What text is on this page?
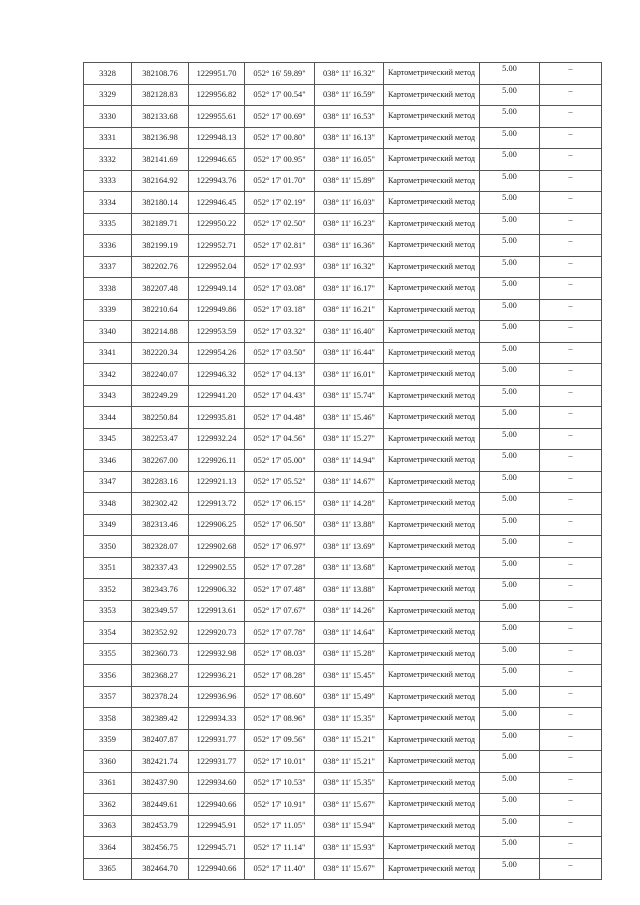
3328	382108.76	1229951.70	052° 16' 59.89"	038° 11' 16.32"	Картометрический метод	5.00	–
3329	382128.83	1229956.82	052° 17' 00.54"	038° 11' 16.59"	Картометрический метод	5.00	–
3330	382133.68	1229955.61	052° 17' 00.69"	038° 11' 16.53"	Картометрический метод	5.00	–
3331	382136.98	1229948.13	052° 17' 00.80"	038° 11' 16.13"	Картометрический метод	5.00	–
3332	382141.69	1229946.65	052° 17' 00.95"	038° 11' 16.05"	Картометрический метод	5.00	–
3333	382164.92	1229943.76	052° 17' 01.70"	038° 11' 15.89"	Картометрический метод	5.00	–
3334	382180.14	1229946.45	052° 17' 02.19"	038° 11' 16.03"	Картометрический метод	5.00	–
3335	382189.71	1229950.22	052° 17' 02.50"	038° 11' 16.23"	Картометрический метод	5.00	–
3336	382199.19	1229952.71	052° 17' 02.81"	038° 11' 16.36"	Картометрический метод	5.00	–
3337	382202.76	1229952.04	052° 17' 02.93"	038° 11' 16.32"	Картометрический метод	5.00	–
3338	382207.48	1229949.14	052° 17' 03.08"	038° 11' 16.17"	Картометрический метод	5.00	–
3339	382210.64	1229949.86	052° 17' 03.18"	038° 11' 16.21"	Картометрический метод	5.00	–
3340	382214.88	1229953.59	052° 17' 03.32"	038° 11' 16.40"	Картометрический метод	5.00	–
3341	382220.34	1229954.26	052° 17' 03.50"	038° 11' 16.44"	Картометрический метод	5.00	–
3342	382240.07	1229946.32	052° 17' 04.13"	038° 11' 16.01"	Картометрический метод	5.00	–
3343	382249.29	1229941.20	052° 17' 04.43"	038° 11' 15.74"	Картометрический метод	5.00	–
3344	382250.84	1229935.81	052° 17' 04.48"	038° 11' 15.46"	Картометрический метод	5.00	–
3345	382253.47	1229932.24	052° 17' 04.56"	038° 11' 15.27"	Картометрический метод	5.00	–
3346	382267.00	1229926.11	052° 17' 05.00"	038° 11' 14.94"	Картометрический метод	5.00	–
3347	382283.16	1229921.13	052° 17' 05.52"	038° 11' 14.67"	Картометрический метод	5.00	–
3348	382302.42	1229913.72	052° 17' 06.15"	038° 11' 14.28"	Картометрический метод	5.00	–
3349	382313.46	1229906.25	052° 17' 06.50"	038° 11' 13.88"	Картометрический метод	5.00	–
3350	382328.07	1229902.68	052° 17' 06.97"	038° 11' 13.69"	Картометрический метод	5.00	–
3351	382337.43	1229902.55	052° 17' 07.28"	038° 11' 13.68"	Картометрический метод	5.00	–
3352	382343.76	1229906.32	052° 17' 07.48"	038° 11' 13.88"	Картометрический метод	5.00	–
3353	382349.57	1229913.61	052° 17' 07.67"	038° 11' 14.26"	Картометрический метод	5.00	–
3354	382352.92	1229920.73	052° 17' 07.78"	038° 11' 14.64"	Картометрический метод	5.00	–
3355	382360.73	1229932.98	052° 17' 08.03"	038° 11' 15.28"	Картометрический метод	5.00	–
3356	382368.27	1229936.21	052° 17' 08.28"	038° 11' 15.45"	Картометрический метод	5.00	–
3357	382378.24	1229936.96	052° 17' 08.60"	038° 11' 15.49"	Картометрический метод	5.00	–
3358	382389.42	1229934.33	052° 17' 08.96"	038° 11' 15.35"	Картометрический метод	5.00	–
3359	382407.87	1229931.77	052° 17' 09.56"	038° 11' 15.21"	Картометрический метод	5.00	–
3360	382421.74	1229931.77	052° 17' 10.01"	038° 11' 15.21"	Картометрический метод	5.00	–
3361	382437.90	1229934.60	052° 17' 10.53"	038° 11' 15.35"	Картометрический метод	5.00	–
3362	382449.61	1229940.66	052° 17' 10.91"	038° 11' 15.67"	Картометрический метод	5.00	–
3363	382453.79	1229945.91	052° 17' 11.05"	038° 11' 15.94"	Картометрический метод	5.00	–
3364	382456.75	1229945.71	052° 17' 11.14"	038° 11' 15.93"	Картометрический метод	5.00	–
3365	382464.70	1229940.66	052° 17' 11.40"	038° 11' 15.67"	Картометрический метод	5.00	–
